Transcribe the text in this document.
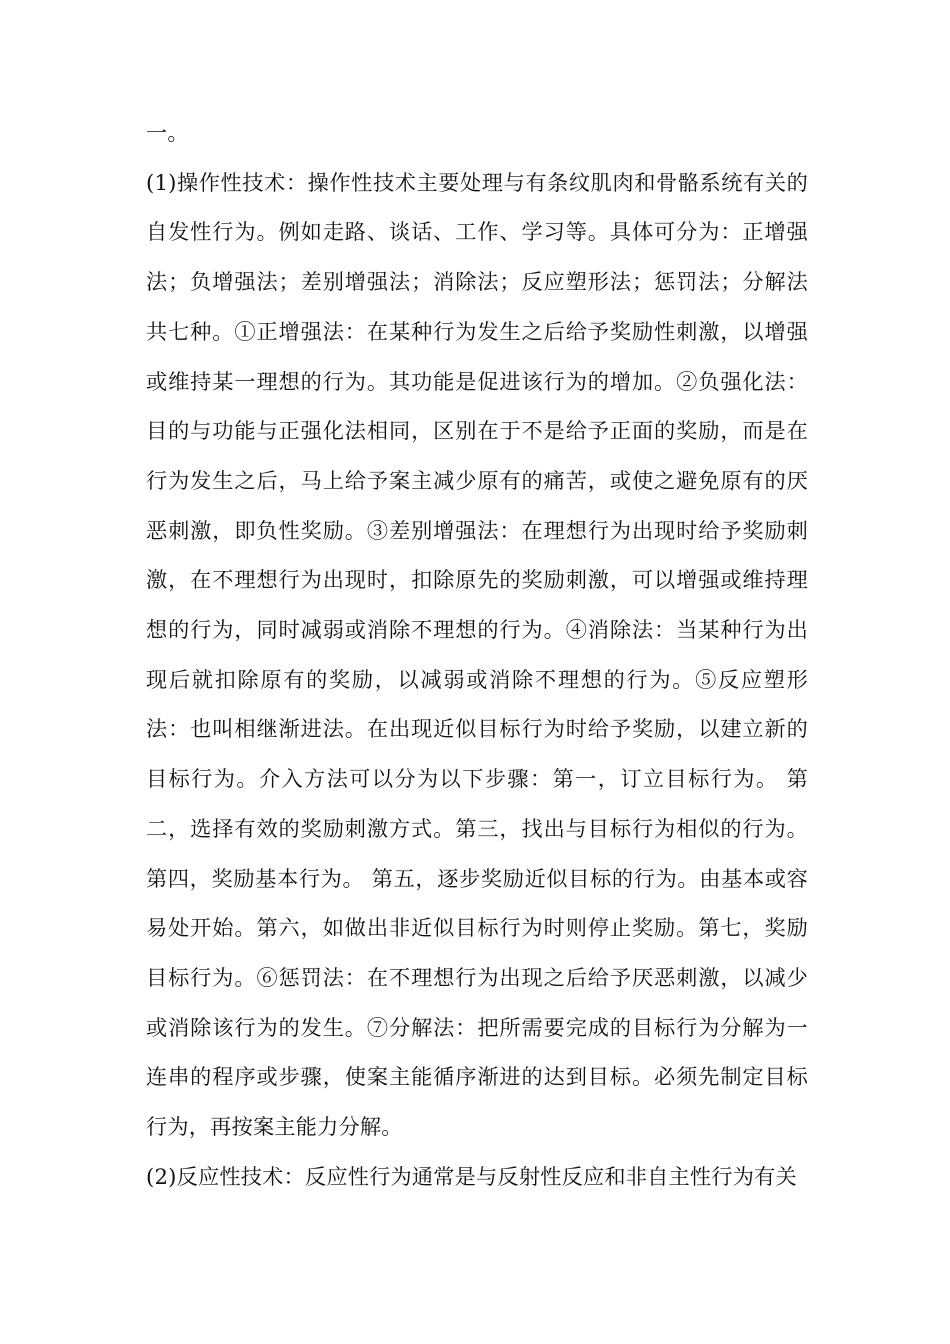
一。

(1)操作性技术：操作性技术主要处理与有条纹肌肉和骨骼系统有关的自发性行为。例如走路、谈话、工作、学习等。具体可分为：正增强法；负增强法；差别增强法；消除法；反应塑形法；惩罚法；分解法共七种。①正增强法：在某种行为发生之后给予奖励性刺激，以增强或维持某一理想的行为。其功能是促进该行为的增加。②负强化法：目的与功能与正强化法相同，区别在于不是给予正面的奖励，而是在行为发生之后，马上给予案主减少原有的痛苦，或使之避免原有的厌恶刺激，即负性奖励。③差别增强法：在理想行为出现时给予奖励刺激，在不理想行为出现时，扣除原先的奖励刺激，可以增强或维持理想的行为，同时减弱或消除不理想的行为。④消除法：当某种行为出现后就扣除原有的奖励，以减弱或消除不理想的行为。⑤反应塑形法：也叫相继渐进法。在出现近似目标行为时给予奖励，以建立新的目标行为。介入方法可以分为以下步骤：第一，订立目标行为。 第二，选择有效的奖励刺激方式。第三，找出与目标行为相似的行为。第四，奖励基本行为。 第五，逐步奖励近似目标的行为。由基本或容易处开始。第六，如做出非近似目标行为时则停止奖励。第七，奖励目标行为。⑥惩罚法：在不理想行为出现之后给予厌恶刺激，以减少或消除该行为的发生。⑦分解法：把所需要完成的目标行为分解为一连串的程序或步骤，使案主能循序渐进的达到目标。必须先制定目标行为，再按案主能力分解。

(2)反应性技术：反应性行为通常是与反射性反应和非自主性行为有关
